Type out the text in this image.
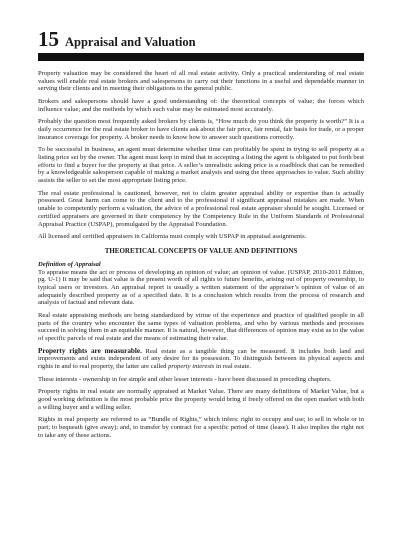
15 Appraisal and Valuation

Property valuation may be considered the heart of all real estate activity. Only a practical understanding of real estate values will enable real estate brokers and salespersons to carry out their functions in a useful and dependable manner in serving their clients and in meeting their obligations to the general public.

Brokers and salespersons should have a good understanding of: the theoretical concepts of value; the forces which influence value; and the methods by which such value may be estimated most accurately.

Probably the question most frequently asked brokers by clients is, “How much do you think the property is worth?” It is a daily occurrence for the real estate broker to have clients ask about the fair price, fair rental, fair basis for trade, or a proper insurance coverage for property. A broker needs to know how to answer such questions correctly.

To be successful in business, an agent must determine whether time can profitably be spent in trying to sell property at a listing price set by the owner. The agent must keep in mind that in accepting a listing the agent is obligated to put forth best efforts to find a buyer for the property at that price. A seller’s unrealistic asking price is a roadblock that can be remedied by a knowledgeable salesperson capable of making a market analysis and using the three approaches to value. Such ability assists the seller to set the most appropriate listing price.

The real estate professional is cautioned, however, not to claim greater appraisal ability or expertise than is actually possessed. Great harm can come to the client and to the professional if significant appraisal mistakes are made. When unable to competently perform a valuation, the advice of a professional real estate appraiser should be sought. Licensed or certified appraisers are governed in their competency by the Competency Rule in the Uniform Standards of Professional Appraisal Practice (USPAP), promulgated by the Appraisal Foundation.

All licensed and certified appraisers in California must comply with USPAP in appraisal assignments.

THEORETICAL CONCEPTS OF VALUE AND DEFINITIONS
Definition of Appraisal

To appraise means the act or process of developing an opinion of value; an opinion of value. (USPAP, 2010-2011 Edition, pg. U-1) It may be said that value is the present worth of all rights to future benefits, arising out of property ownership, to typical users or investors. An appraisal report is usually a written statement of the appraiser’s opinion of value of an adequately described property as of a specified date. It is a conclusion which results from the process of research and analysis of factual and relevant data.

Real estate appraising methods are being standardized by virtue of the experience and practice of qualified people in all parts of the country who encounter the same types of valuation problems, and who by various methods and processes succeed in solving them in an equitable manner. It is natural, however, that differences of opinion may exist as to the value of specific parcels of real estate and the means of estimating their value.

Property rights are measurable. Real estate as a tangible thing can be measured. It includes both land and improvements and exists independent of any desire for its possession. To distinguish between its physical aspects and rights in and to real property, the latter are called property interests in real estate.

These interests - ownership in fee simple and other lesser interests - have been discussed in preceding chapters.

Property rights in real estate are normally appraised at Market Value. There are many definitions of Market Value, but a good working definition is the most probable price the property would bring if freely offered on the open market with both a willing buyer and a willing seller.

Rights in real property are referred to as “Bundle of Rights,” which infers: right to occupy and use; to sell in whole or in part; to bequeath (give away); and, to transfer by contract for a specific period of time (lease). It also implies the right not to take any of these actions.
